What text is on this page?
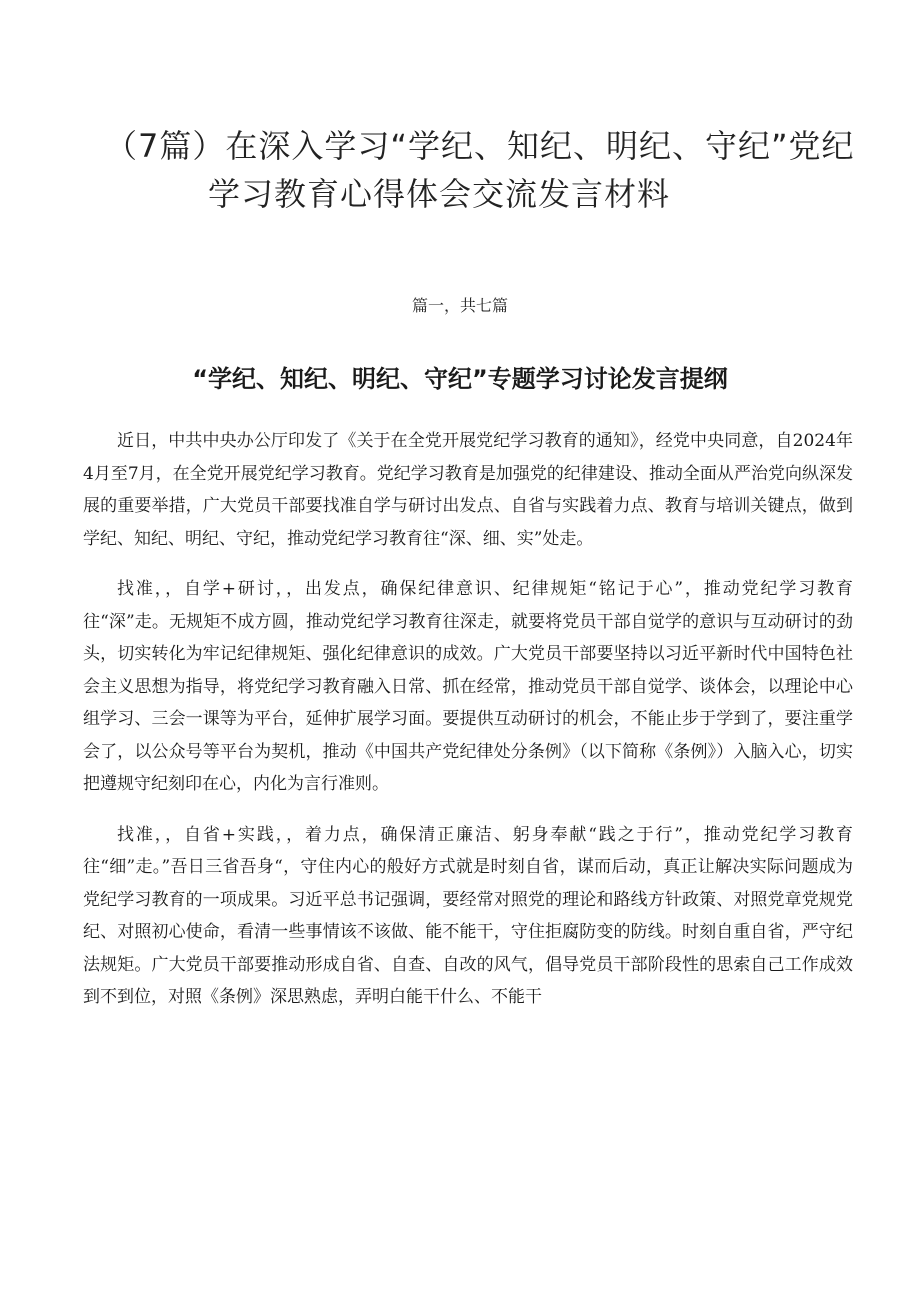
（7篇）在深入学习“学纪、知纪、明纪、守纪”党纪
学习教育心得体会交流发言材料
篇一，共七篇
“学纪、知纪、明纪、守纪”专题学习讨论发言提纲

近日，中共中央办公厅印发了《关于在全党开展党纪学习教育的通知》，经党中央同意，自2024年4月至7月，在全党开展党纪学习教育。党纪学习教育是加强党的纪律建设、推动全面从严治党向纵深发展的重要举措，广大党员干部要找准自学与研讨出发点、自省与实践着力点、教育与培训关键点，做到学纪、知纪、明纪、守纪，推动党纪学习教育往“深、细、实”处走。

找准，，自学+研讨，，出发点，确保纪律意识、纪律规矩“铭记于心”，推动党纪学习教育往“深”走。无规矩不成方圆，推动党纪学习教育往深走，就要将党员干部自觉学的意识与互动研讨的劲头，切实转化为牢记纪律规矩、强化纪律意识的成效。广大党员干部要坚持以习近平新时代中国特色社会主义思想为指导，将党纪学习教育融入日常、抓在经常，推动党员干部自觉学、谈体会，以理论中心组学习、三会一课等为平台，延伸扩展学习面。要提供互动研讨的机会，不能止步于学到了，要注重学会了，以公众号等平台为契机，推动《中国共产党纪律处分条例》（以下简称《条例》）入脑入心，切实把遵规守纪刻印在心，内化为言行准则。

找准，，自省+实践，，着力点，确保清正廉洁、躬身奉献“践之于行”，推动党纪学习教育往“细”走。”吾日三省吾身“，守住内心的般好方式就是时刻自省，谋而后动，真正让解决实际问题成为党纪学习教育的一项成果。习近平总书记强调，要经常对照党的理论和路线方针政策、对照党章党规党纪、对照初心使命，看清一些事情该不该做、能不能干，守住拒腐防变的防线。时刻自重自省，严守纪法规矩。广大党员干部要推动形成自省、自查、自改的风气，倡导党员干部阶段性的思索自己工作成效到不到位，对照《条例》深思熟虑，弄明白能干什么、不能干
